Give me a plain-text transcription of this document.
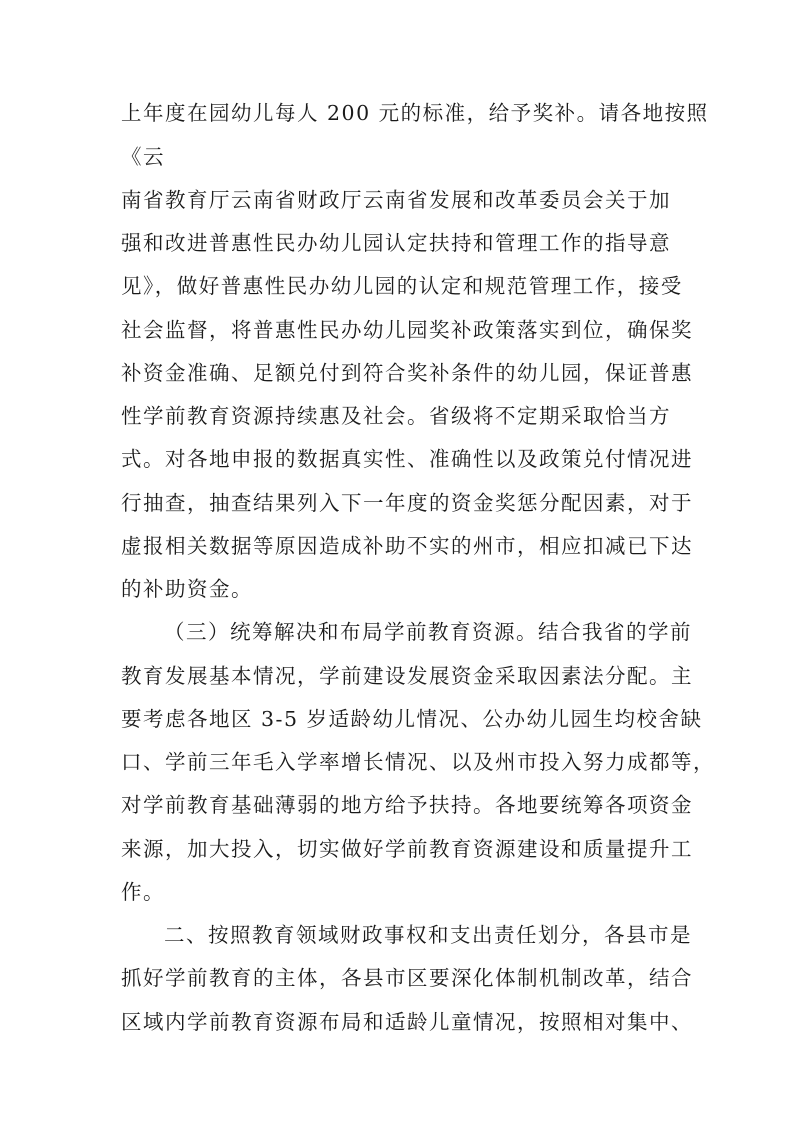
上年度在园幼儿每人 200 元的标准，给予奖补。请各地按照
《云
南省教育厅云南省财政厅云南省发展和改革委员会关于加
强和改进普惠性民办幼儿园认定扶持和管理工作的指导意
见》，做好普惠性民办幼儿园的认定和规范管理工作，接受
社会监督，将普惠性民办幼儿园奖补政策落实到位，确保奖
补资金准确、足额兑付到符合奖补条件的幼儿园，保证普惠
性学前教育资源持续惠及社会。省级将不定期采取恰当方
式。对各地申报的数据真实性、准确性以及政策兑付情况进
行抽查，抽查结果列入下一年度的资金奖惩分配因素，对于
虚报相关数据等原因造成补助不实的州市，相应扣减已下达
的补助资金。
（三）统筹解决和布局学前教育资源。结合我省的学前
教育发展基本情况，学前建设发展资金采取因素法分配。主
要考虑各地区 3-5 岁适龄幼儿情况、公办幼儿园生均校舍缺
口、学前三年毛入学率增长情况、以及州市投入努力成都等，
对学前教育基础薄弱的地方给予扶持。各地要统筹各项资金
来源，加大投入，切实做好学前教育资源建设和质量提升工
作。
二、按照教育领域财政事权和支出责任划分，各县市是
抓好学前教育的主体，各县市区要深化体制机制改革，结合
区域内学前教育资源布局和适龄儿童情况，按照相对集中、
